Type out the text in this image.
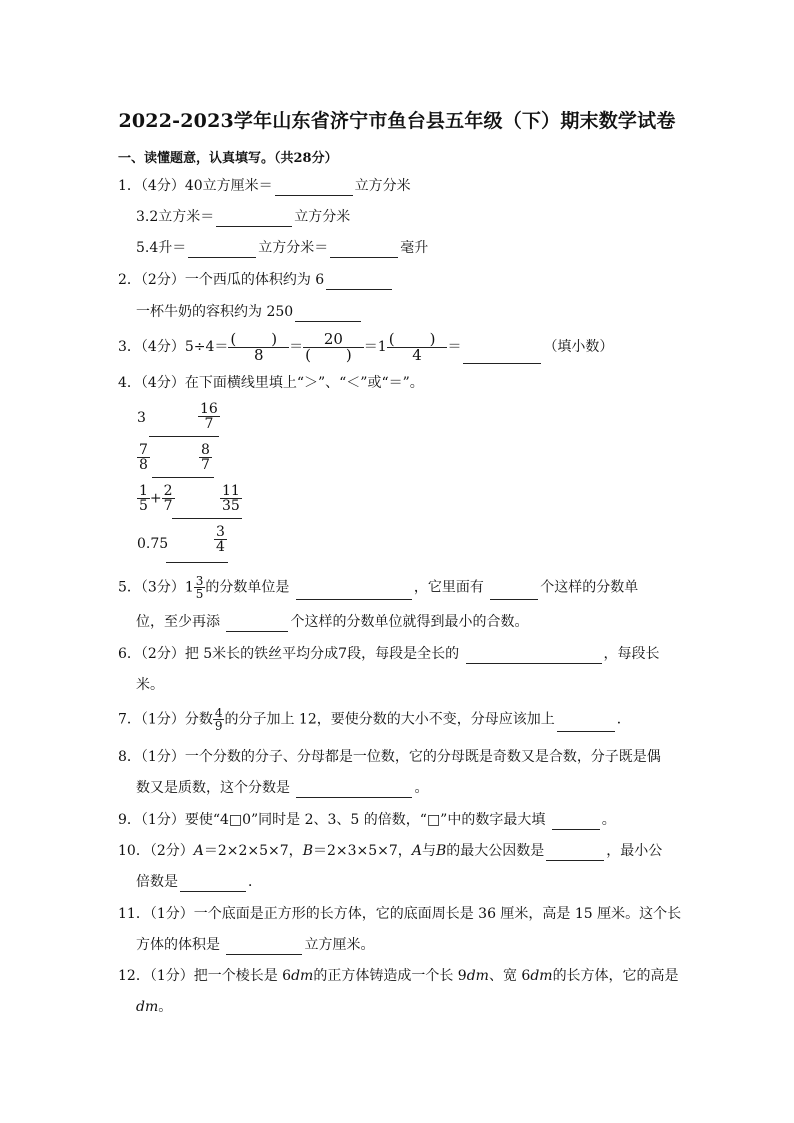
2022-2023学年山东省济宁市鱼台县五年级（下）期末数学试卷
一、读懂题意，认真填写。（共28分）
1．（4分）40立方厘米＝	立方分米
3.2立方米＝	立方分米
5.4升＝	立方分米＝	毫升
2．（2分）一个西瓜的体积约为 6
一杯牛奶的容积约为 250
3．（4分）$5\div 4= \frac{( )}{8} = \frac{20}{( )} =1 \frac{( )}{4}$ ＝	（填小数）
4．（4分）在下面横线里填上“＞”、“＜”或“＝”。
3	$\frac{16}{7}$
$\frac{7}{8}$	$\frac{8}{7}$
$\frac{1}{5} + \frac{2}{7}$	$\frac{11}{35}$
0.75	$\frac{3}{4}$
5．（3分）$1 \frac{3}{5}$ 的分数单位是	，它里面有	个这样的分数单
位，至少再添	个这样的分数单位就得到最小的合数。
6．（2分）把 5米长的铁丝平均分成7段，每段是全长的	，每段长
米。
7．（1分）分数 $\frac{4}{9}$ 的分子加上 12，要使分数的大小不变，分母应该加上	．
8．（1分）一个分数的分子、分母都是一位数，它的分母既是奇数又是合数，分子既是偶
数又是质数，这个分数是	。
9．（1分）要使“4□0”同时是 2、3、5 的倍数，“□”中的数字最大填	。
10．（2分）A＝2×2×5×7，B＝2×3×5×7，A与B的最大公因数是	，最小公
倍数是	．
11．（1分）一个底面是正方形的长方体，它的底面周长是 36 厘米，高是 15 厘米。这个长
方体的体积是	立方厘米。
12．（1分）把一个棱长是 6dm的正方体铸造成一个长 9dm、宽 6dm的长方体，它的高是
dm。
